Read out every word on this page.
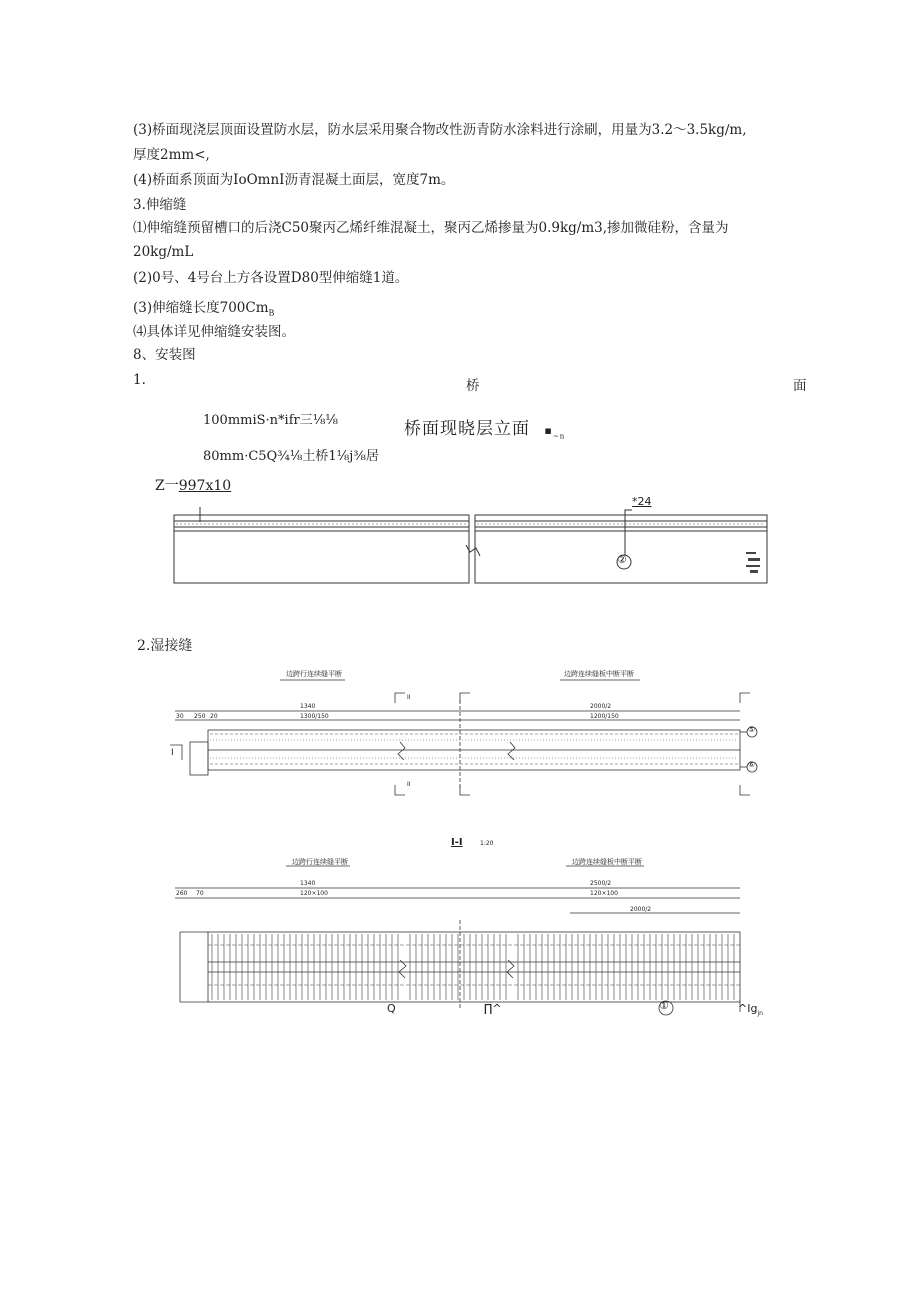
(3)桥面现浇层顶面设置防水层，防水层采用聚合物改性沥青防水涂料进行涂刷，用量为3.2～3.5kg∕m,
厚度2mm<,
(4)桥面系顶面为IoOmnI沥青混凝土面层，宽度7m。
3.伸缩缝
⑴伸缩缝预留槽口的后浇C50聚丙乙烯纤维混凝土，聚丙乙烯掺量为0.9kg/m3,掺加微硅粉，含量为
20kg/mL
(2)0号、4号台上方各设置D80型伸缩缝1道。
(3)伸缩缝长度$700Cm_B$
⑷具体详见伸缩缝安装图。
8、安装图
1.	桥	面
100mmiS·n*ifr三⅛⅛
80mm·C5Q¾⅛土桥1⅛j⅜居
桥面现晓层立面 $▪_{\sim n}$
Z一997x10
*24
②
2.湿接缝
边跨行连续缝平断	边跨连续缝板中断平断
1340	2000/2
1300/150	1200/150
30 250 20
I
II
II
⑤
⑥
I-I	1:20
边跨行连续缝平断	边跨连续缝板中断平断
1340	2500/2
120×100	120×100
2000/2
260 70
Q	∏^	①	$\^{}Ig_{jn}$
